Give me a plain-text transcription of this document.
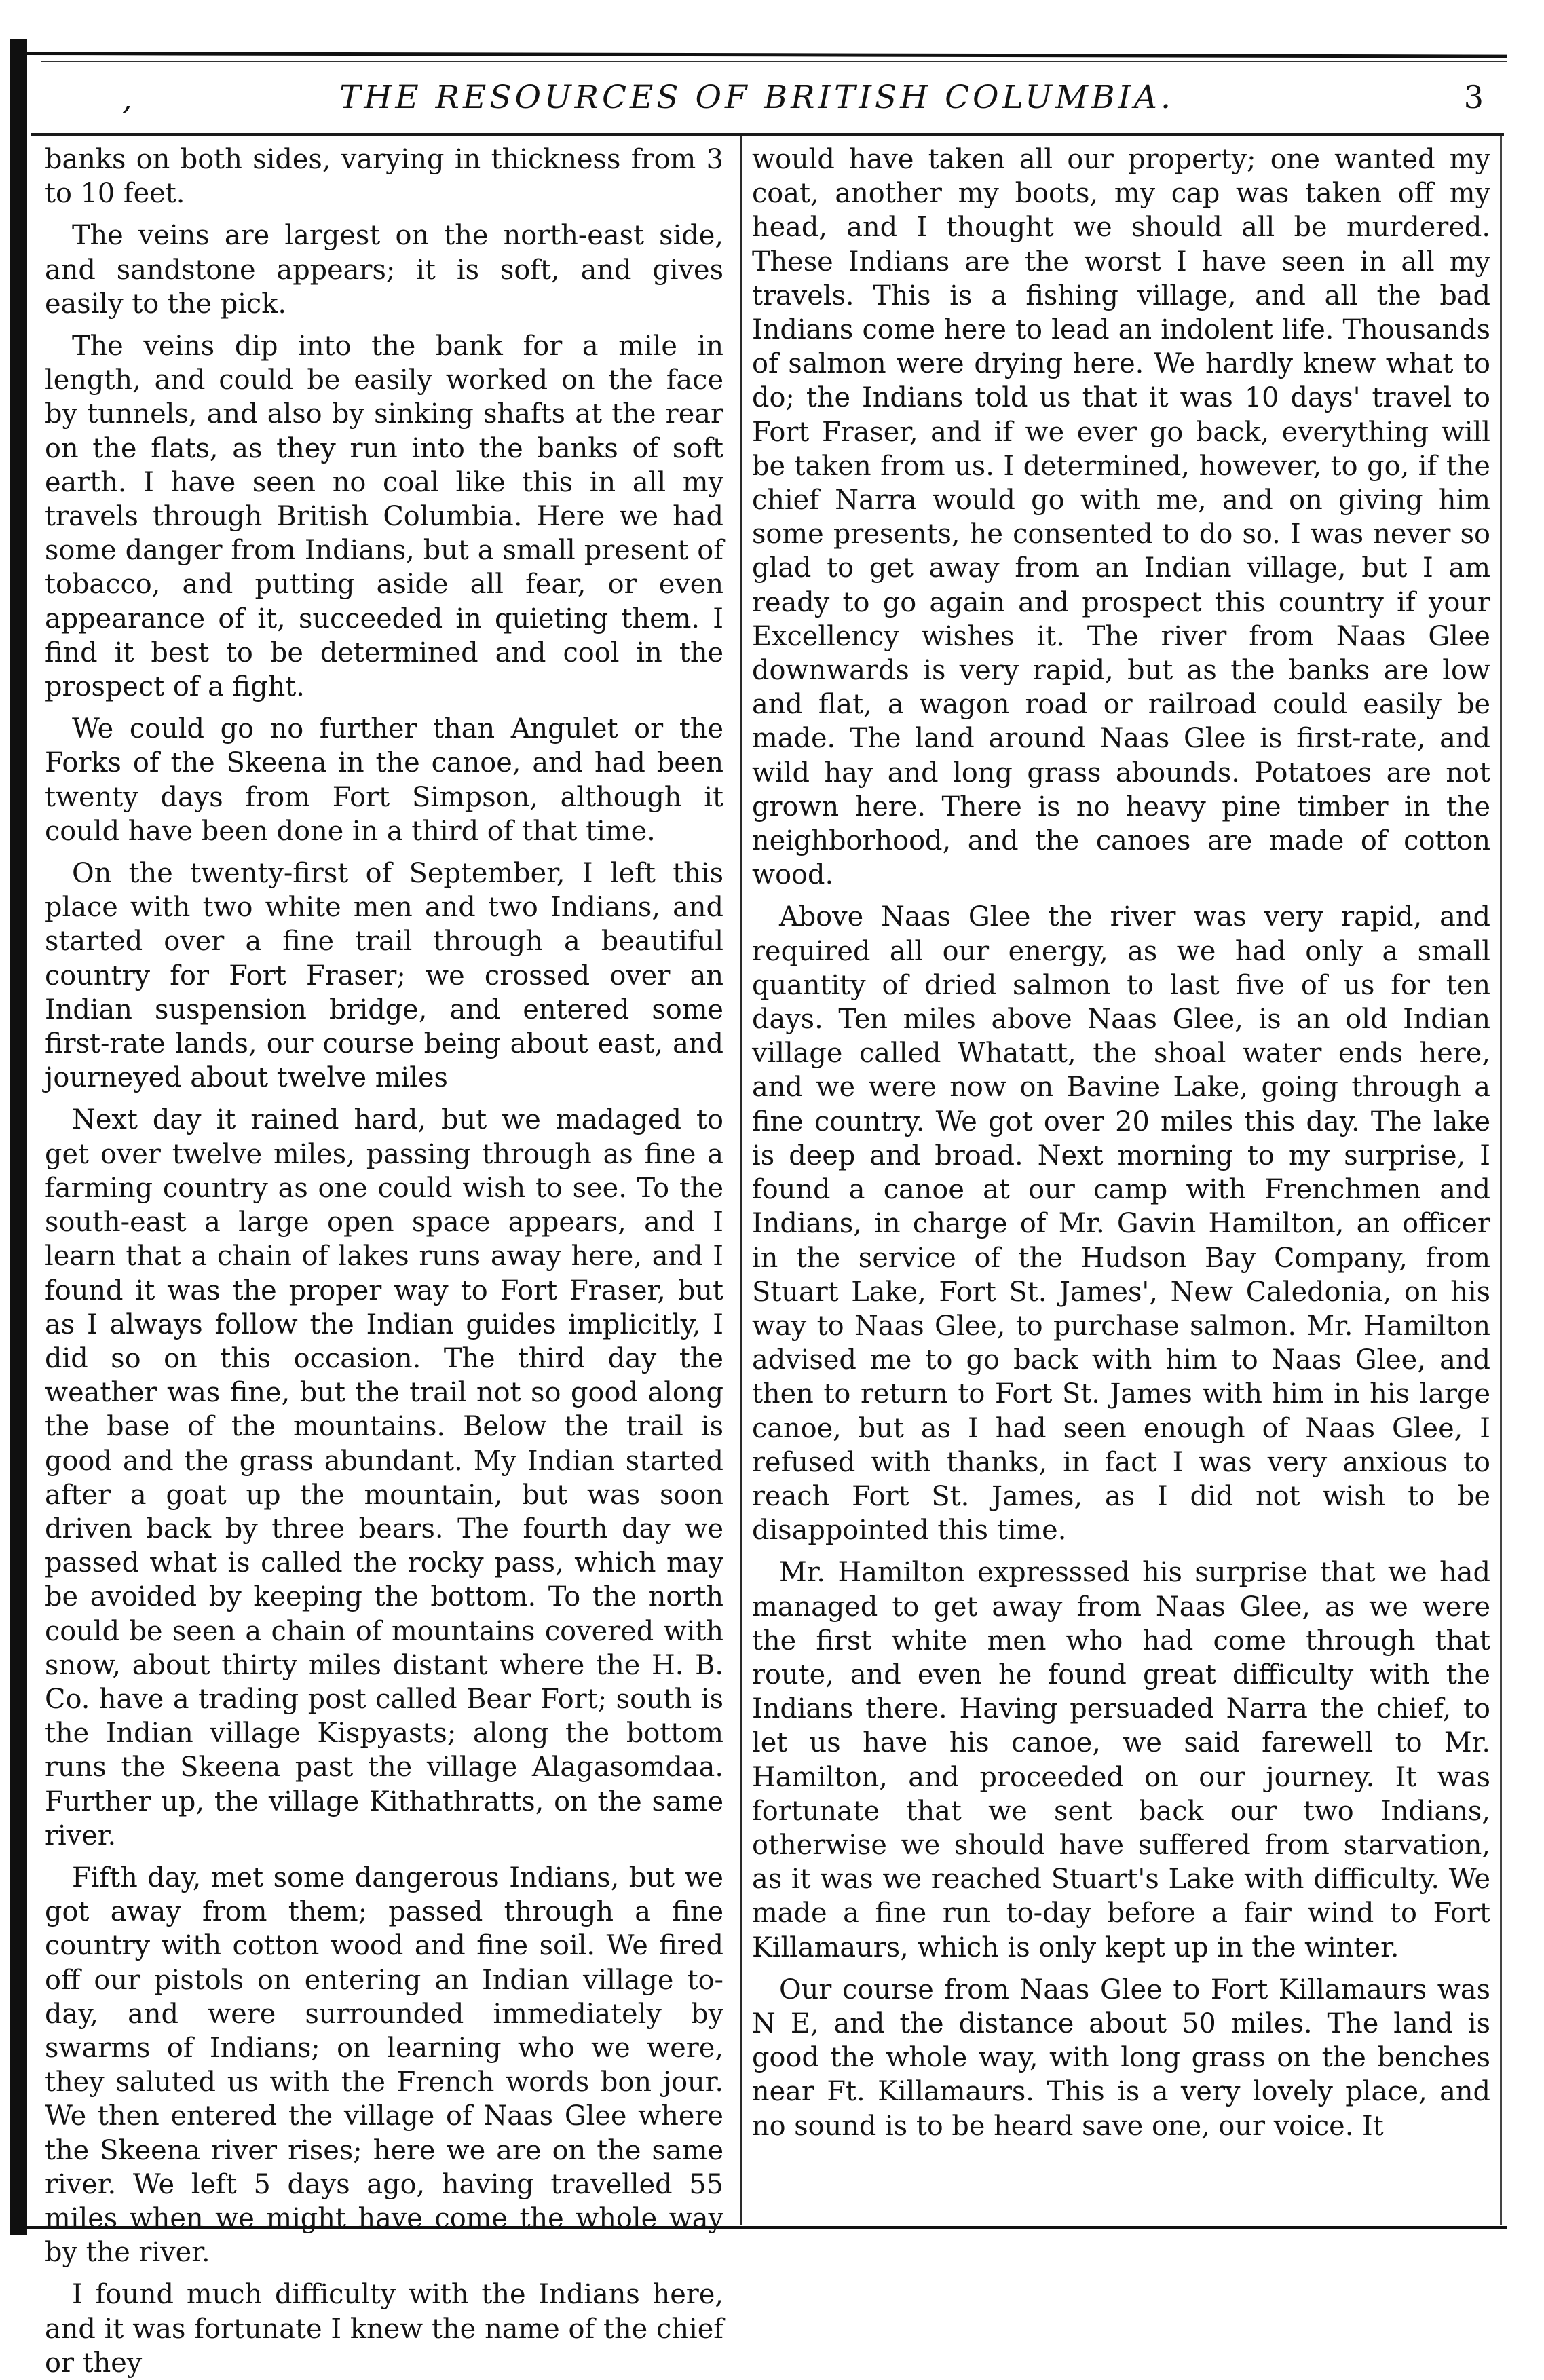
,	THE RESOURCES OF BRITISH COLUMBIA.	3

banks on both sides, varying in thickness from 3 to 10 feet.

The veins are largest on the north-east side, and sandstone appears; it is soft, and gives easily to the pick.

The veins dip into the bank for a mile in length, and could be easily worked on the face by tunnels, and also by sinking shafts at the rear on the flats, as they run into the banks of soft earth. I have seen no coal like this in all my travels through British Columbia. Here we had some danger from Indians, but a small present of tobacco, and putting aside all fear, or even appearance of it, succeeded in quieting them. I find it best to be determined and cool in the prospect of a fight.

We could go no further than Angulet or the Forks of the Skeena in the canoe, and had been twenty days from Fort Simpson, although it could have been done in a third of that time.

On the twenty-first of September, I left this place with two white men and two Indians, and started over a fine trail through a beautiful country for Fort Fraser; we crossed over an Indian suspension bridge, and entered some first-rate lands, our course being about east, and journeyed about twelve miles

Next day it rained hard, but we madaged to get over twelve miles, passing through as fine a farming country as one could wish to see. To the south-east a large open space appears, and I learn that a chain of lakes runs away here, and I found it was the proper way to Fort Fraser, but as I always follow the Indian guides implicitly, I did so on this occasion. The third day the weather was fine, but the trail not so good along the base of the mountains. Below the trail is good and the grass abundant. My Indian started after a goat up the mountain, but was soon driven back by three bears. The fourth day we passed what is called the rocky pass, which may be avoided by keeping the bottom. To the north could be seen a chain of mountains covered with snow, about thirty miles distant where the H. B. Co. have a trading post called Bear Fort; south is the Indian village Kispyasts; along the bottom runs the Skeena past the village Alagasomdaa. Further up, the village Kithathratts, on the same river.

Fifth day, met some dangerous Indians, but we got away from them; passed through a fine country with cotton wood and fine soil. We fired off our pistols on entering an Indian village to-day, and were surrounded immediately by swarms of Indians; on learning who we were, they saluted us with the French words bon jour. We then entered the village of Naas Glee where the Skeena river rises; here we are on the same river. We left 5 days ago, having travelled 55 miles when we might have come the whole way by the river.

I found much difficulty with the Indians here, and it was fortunate I knew the name of the chief or they

would have taken all our property; one wanted my coat, another my boots, my cap was taken off my head, and I thought we should all be murdered. These Indians are the worst I have seen in all my travels. This is a fishing village, and all the bad Indians come here to lead an indolent life. Thousands of salmon were drying here. We hardly knew what to do; the Indians told us that it was 10 days' travel to Fort Fraser, and if we ever go back, everything will be taken from us. I determined, however, to go, if the chief Narra would go with me, and on giving him some presents, he consented to do so. I was never so glad to get away from an Indian village, but I am ready to go again and prospect this country if your Excellency wishes it. The river from Naas Glee downwards is very rapid, but as the banks are low and flat, a wagon road or railroad could easily be made. The land around Naas Glee is first-rate, and wild hay and long grass abounds. Potatoes are not grown here. There is no heavy pine timber in the neighborhood, and the canoes are made of cotton wood.

Above Naas Glee the river was very rapid, and required all our energy, as we had only a small quantity of dried salmon to last five of us for ten days. Ten miles above Naas Glee, is an old Indian village called Whatatt, the shoal water ends here, and we were now on Bavine Lake, going through a fine country. We got over 20 miles this day. The lake is deep and broad. Next morning to my surprise, I found a canoe at our camp with Frenchmen and Indians, in charge of Mr. Gavin Hamilton, an officer in the service of the Hudson Bay Company, from Stuart Lake, Fort St. James', New Caledonia, on his way to Naas Glee, to purchase salmon. Mr. Hamilton advised me to go back with him to Naas Glee, and then to return to Fort St. James with him in his large canoe, but as I had seen enough of Naas Glee, I refused with thanks, in fact I was very anxious to reach Fort St. James, as I did not wish to be disappointed this time.

Mr. Hamilton expresssed his surprise that we had managed to get away from Naas Glee, as we were the first white men who had come through that route, and even he found great difficulty with the Indians there. Having persuaded Narra the chief, to let us have his canoe, we said farewell to Mr. Hamilton, and proceeded on our journey. It was fortunate that we sent back our two Indians, otherwise we should have suffered from starvation, as it was we reached Stuart's Lake with difficulty. We made a fine run to-day before a fair wind to Fort Killamaurs, which is only kept up in the winter.

Our course from Naas Glee to Fort Killamaurs was N E, and the distance about 50 miles. The land is good the whole way, with long grass on the benches near Ft. Killamaurs. This is a very lovely place, and no sound is to be heard save one, our voice. It
